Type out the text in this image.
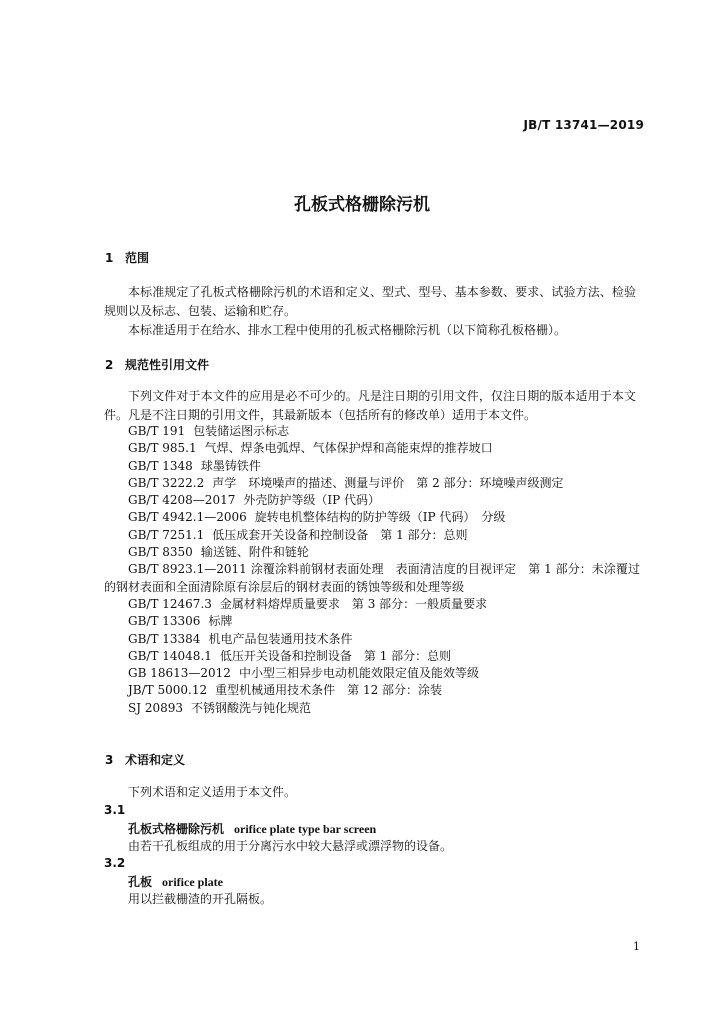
JB/T 13741—2019
孔板式格栅除污机
1 范围

本标准规定了孔板式格栅除污机的术语和定义、型式、型号、基本参数、要求、试验方法、检验规则以及标志、包装、运输和贮存。

本标准适用于在给水、排水工程中使用的孔板式格栅除污机（以下简称孔板格栅）。

2 规范性引用文件

下列文件对于本文件的应用是必不可少的。凡是注日期的引用文件，仅注日期的版本适用于本文件。凡是不注日期的引用文件，其最新版本（包括所有的修改单）适用于本文件。

GB/T 191 包装储运图示标志
GB/T 985.1 气焊、焊条电弧焊、气体保护焊和高能束焊的推荐坡口
GB/T 1348 球墨铸铁件
GB/T 3222.2 声学　环境噪声的描述、测量与评价　第 2 部分：环境噪声级测定
GB/T 4208—2017 外壳防护等级（IP 代码）
GB/T 4942.1—2006 旋转电机整体结构的防护等级（IP 代码）　分级
GB/T 7251.1 低压成套开关设备和控制设备　第 1 部分：总则
GB/T 8350 输送链、附件和链轮
GB/T 8923.1—2011 涂覆涂料前钢材表面处理　表面清洁度的目视评定　第 1 部分：未涂覆过的钢材表面和全面清除原有涂层后的钢材表面的锈蚀等级和处理等级
GB/T 12467.3 金属材料熔焊质量要求　第 3 部分：一般质量要求
GB/T 13306 标牌
GB/T 13384 机电产品包装通用技术条件
GB/T 14048.1 低压开关设备和控制设备　第 1 部分：总则
GB 18613—2012 中小型三相异步电动机能效限定值及能效等级
JB/T 5000.12 重型机械通用技术条件　第 12 部分：涂装
SJ 20893 不锈钢酸洗与钝化规范
3 术语和定义

下列术语和定义适用于本文件。

3.1
孔板式格栅除污机 orifice plate type bar screen
由若干孔板组成的用于分离污水中较大悬浮或漂浮物的设备。
3.2
孔板 orifice plate
用以拦截栅渣的开孔隔板。
1
